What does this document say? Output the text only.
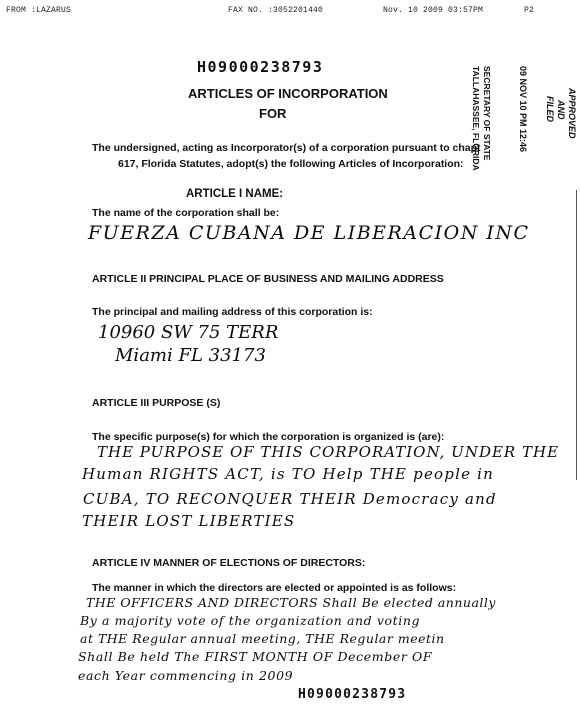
FROM :LAZARUS	FAX NO. :3052201440	Nov. 10 2009 03:57PM	P2
H09000238793
ARTICLES OF INCORPORATION
FOR
The undersigned, acting as Incorporator(s) of a corporation pursuant to chapt
617, Florida Statutes, adopt(s) the following Articles of Incorporation:
09 NOV 10 PM 12:46
SECRETARY OF STATE
TALLAHASSEE, FLORIDA	APPROVED
AND
FILED
ARTICLE I NAME:
The name of the corporation shall be:
FUERZA CUBANA DE LIBERACION INC
ARTICLE II PRINCIPAL PLACE OF BUSINESS AND MAILING ADDRESS
The principal and mailing address of this corporation is:
10960 SW 75 TERR
Miami FL 33173
ARTICLE III PURPOSE (S)
The specific purpose(s) for which the corporation is organized is (are):
THE PURPOSE OF THIS CORPORATION, UNDER THE
Human RIGHTS ACT, is TO Help THE people in
CUBA, TO RECONQUER THEIR Democracy and
THEIR LOST LIBERTIES
ARTICLE IV MANNER OF ELECTIONS OF DIRECTORS:
The manner in which the directors are elected or appointed is as follows:
THE OFFICERS AND DIRECTORS Shall Be elected annually
By a majority vote of the organization and voting
at THE Regular annual meeting, THE Regular meetin
Shall Be held The FIRST MONTH OF December OF
each Year commencing in 2009
H09000238793
